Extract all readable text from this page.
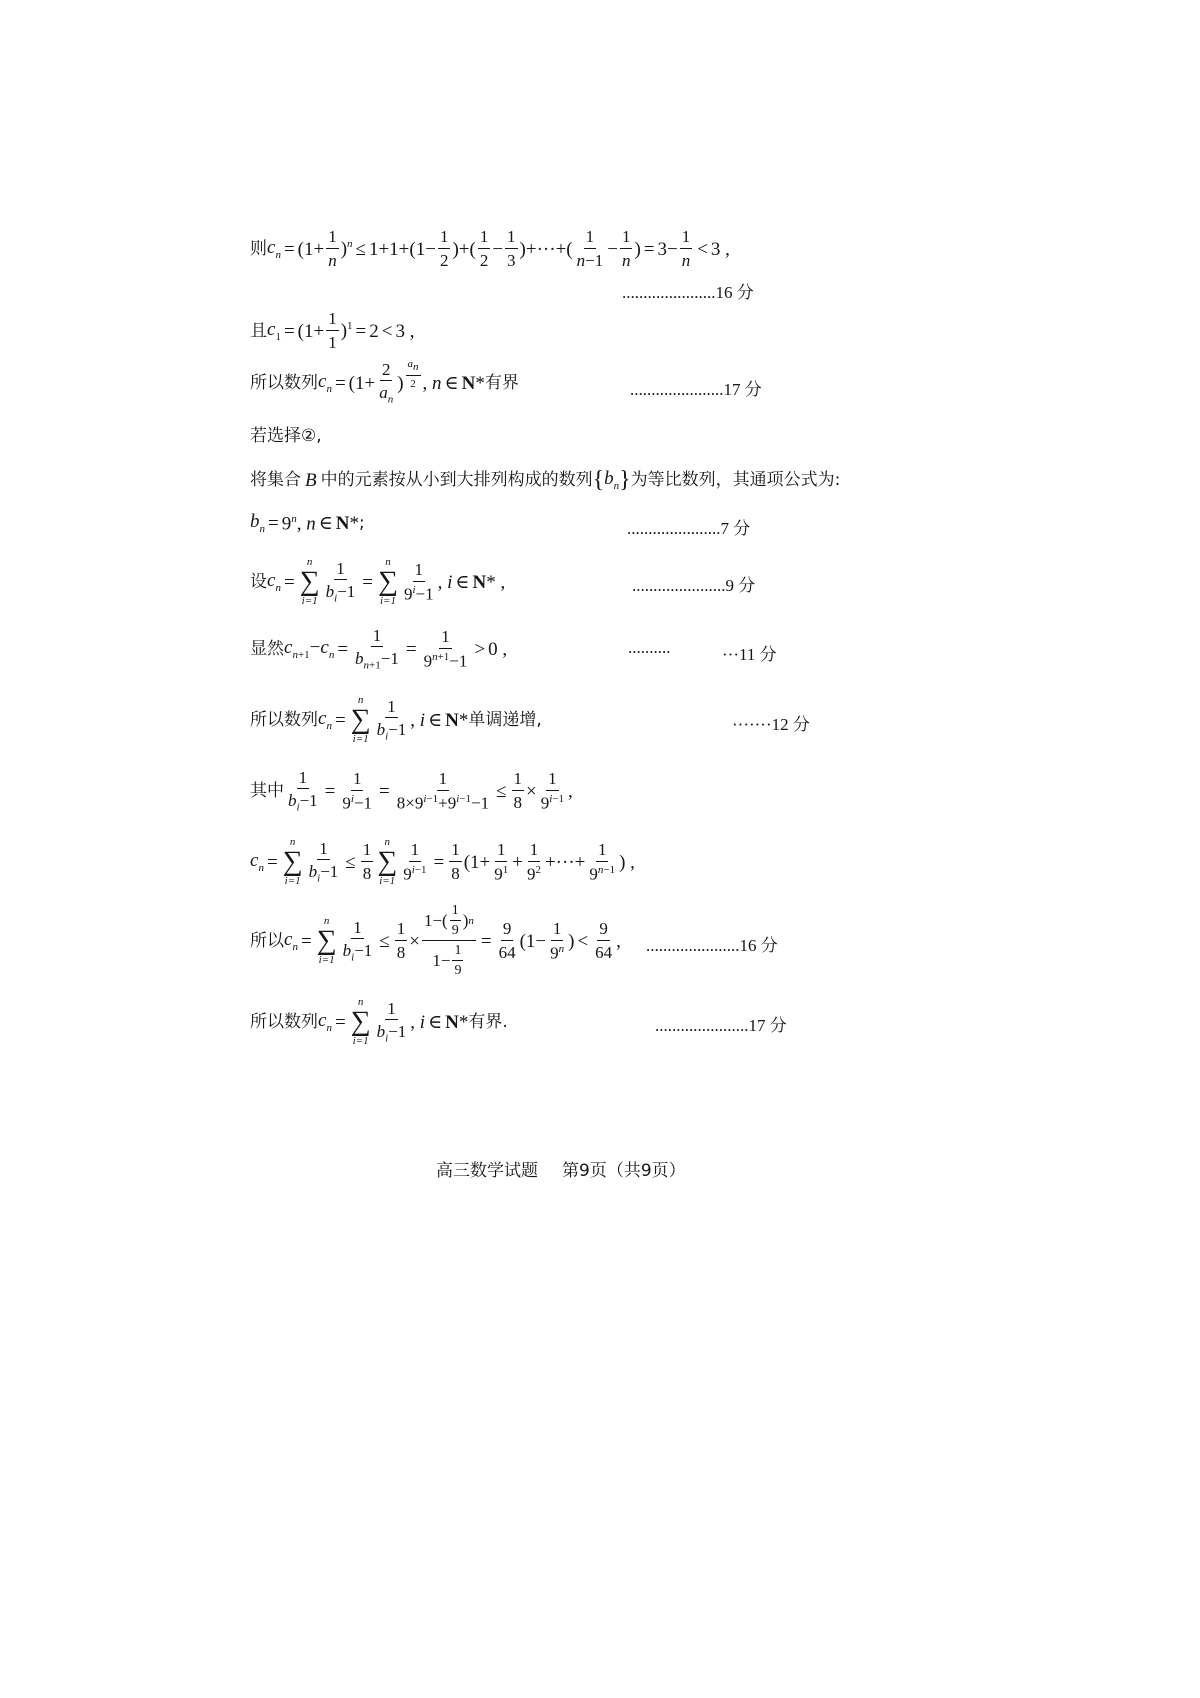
则 $c_n = (1+ \frac{1}{n} )^n \le 1+1+(1- \frac{1}{2}$ )+( $\frac{1}{2} - \frac{1}{3}$ )+···+( $\frac{1}{n-1} - \frac{1}{n}$ ) = $3- \frac{1}{n} < 3$ ,
......................16 分
且 $c_1 = (1+ \frac{1}{1} )^1 = 2 < 3$ ,
所以数列 $c_n = (1+ \frac{2}{a_n}$ ) $\frac{a_n}{2}$ , n ∈ N * 有界	......................17 分
若选择②,
将集合 B 中的元素按从小到大排列构成的数列 { $b_n$ } 为等比数列，其通项公式为:
$b_n = 9^n$, n ∈ N * ;	......................7 分
设 $c_n$ =
n
∑
$i=1 \frac{1}{b_i-1}$ =
n
∑
$i=1 \frac{1}{9^i-1}$ , i ∈ N * ,	......................9 分
显然 $c_{n+1}-c_n = \frac{1}{b_{n+1}-1} = \frac{1}{9^{n+1}-1} > 0$ ,	..........	···11 分
所以数列 $c_n$ =
n
∑
$i=1 \frac{1}{b_i-1}$ , i ∈ N * 单调递增,	·······12 分
其中 $\frac{1}{b_i-1} = \frac{1}{9^i-1} = \frac{1}{8\times 9^{i-1}+9^{i-1}-1} \le \frac{1}{8} \times \frac{1}{9^{i-1}}$ ,
$c_n$ =
n
∑
$i=1 \frac{1}{b_i-1} \le \frac{1}{8}$ n
∑
$i=1 \frac{1}{9^{i-1}} = \frac{1}{8} (1+ \frac{1}{9^1} + \frac{1}{9^2}$ +···+ $\frac{1}{9^{n-1}}$ ) ,
所以 $c_n$ =
n
∑
$i=1 \frac{1}{b_i-1} \le \frac{1}{8} \times \frac{1-( \frac{1}{9} ) n}{1- \frac{1}{9}} = \frac{9}{64} (1- \frac{1}{9^n}$ ) < $\frac{9}{64}$ , ......................16 分
所以数列 $c_n$ =
n
∑
$i=1 \frac{1}{b_i-1}$ , i ∈ N * 有界.	......................17 分
高三数学试题 第9页（共9页）
